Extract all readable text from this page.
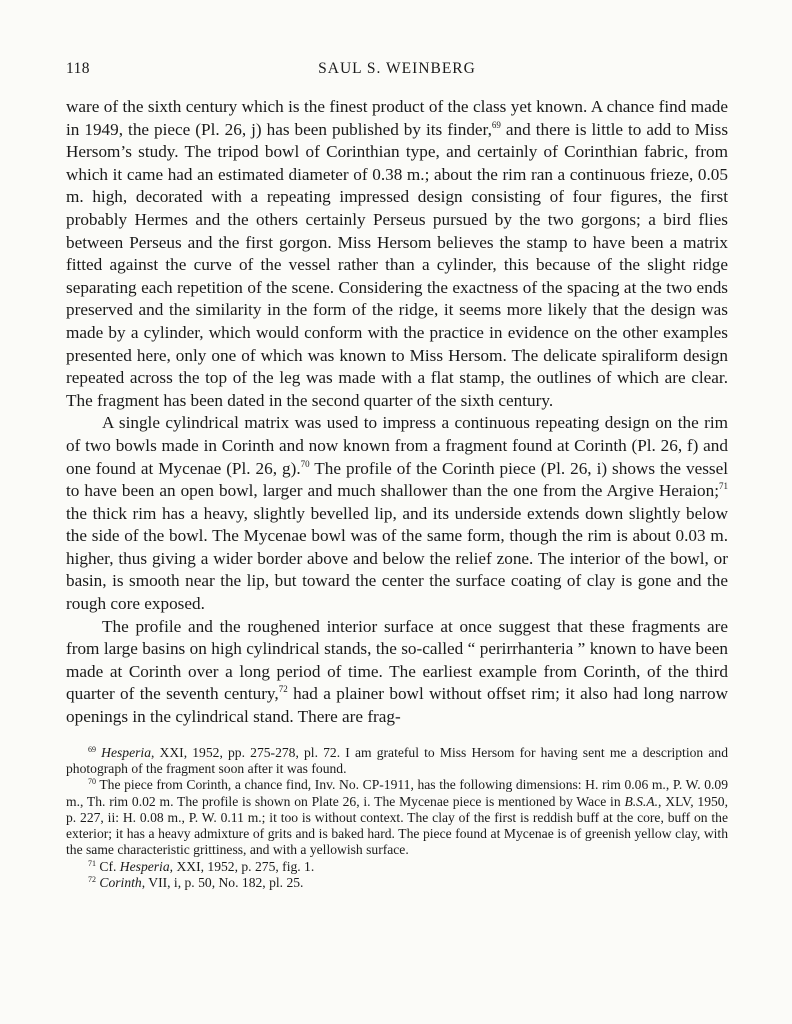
118	SAUL S. WEINBERG

ware of the sixth century which is the finest product of the class yet known. A chance find made in 1949, the piece (Pl. 26, j) has been published by its finder,$^{69}$ and there is little to add to Miss Hersom’s study. The tripod bowl of Corinthian type, and certainly of Corinthian fabric, from which it came had an estimated diameter of 0.38 m.; about the rim ran a continuous frieze, 0.05 m. high, decorated with a repeating impressed design consisting of four figures, the first probably Hermes and the others certainly Perseus pursued by the two gorgons; a bird flies between Perseus and the first gorgon. Miss Hersom believes the stamp to have been a matrix fitted against the curve of the vessel rather than a cylinder, this because of the slight ridge separating each repetition of the scene. Considering the exactness of the spacing at the two ends preserved and the similarity in the form of the ridge, it seems more likely that the design was made by a cylinder, which would conform with the practice in evidence on the other examples presented here, only one of which was known to Miss Hersom. The delicate spiraliform design repeated across the top of the leg was made with a flat stamp, the outlines of which are clear. The fragment has been dated in the second quarter of the sixth century.

A single cylindrical matrix was used to impress a continuous repeating design on the rim of two bowls made in Corinth and now known from a fragment found at Corinth (Pl. 26, f) and one found at Mycenae (Pl. 26, g).$^{70}$ The profile of the Corinth piece (Pl. 26, i) shows the vessel to have been an open bowl, larger and much shallower than the one from the Argive Heraion;$^{71}$ the thick rim has a heavy, slightly bevelled lip, and its underside extends down slightly below the side of the bowl. The Mycenae bowl was of the same form, though the rim is about 0.03 m. higher, thus giving a wider border above and below the relief zone. The interior of the bowl, or basin, is smooth near the lip, but toward the center the surface coating of clay is gone and the rough core exposed.

The profile and the roughened interior surface at once suggest that these fragments are from large basins on high cylindrical stands, the so-called “ perirrhanteria ” known to have been made at Corinth over a long period of time. The earliest example from Corinth, of the third quarter of the seventh century,$^{72}$ had a plainer bowl without offset rim; it also had long narrow openings in the cylindrical stand. There are frag-

$^{69}$ Hesperia, XXI, 1952, pp. 275-278, pl. 72. I am grateful to Miss Hersom for having sent me a description and photograph of the fragment soon after it was found.

$^{70}$ The piece from Corinth, a chance find, Inv. No. CP-1911, has the following dimensions: H. rim 0.06 m., P. W. 0.09 m., Th. rim 0.02 m. The profile is shown on Plate 26, i. The Mycenae piece is mentioned by Wace in B.S.A., XLV, 1950, p. 227, ii: H. 0.08 m., P. W. 0.11 m.; it too is without context. The clay of the first is reddish buff at the core, buff on the exterior; it has a heavy admixture of grits and is baked hard. The piece found at Mycenae is of greenish yellow clay, with the same characteristic grittiness, and with a yellowish surface.

$^{71}$ Cf. Hesperia, XXI, 1952, p. 275, fig. 1.

$^{72}$ Corinth, VII, i, p. 50, No. 182, pl. 25.
